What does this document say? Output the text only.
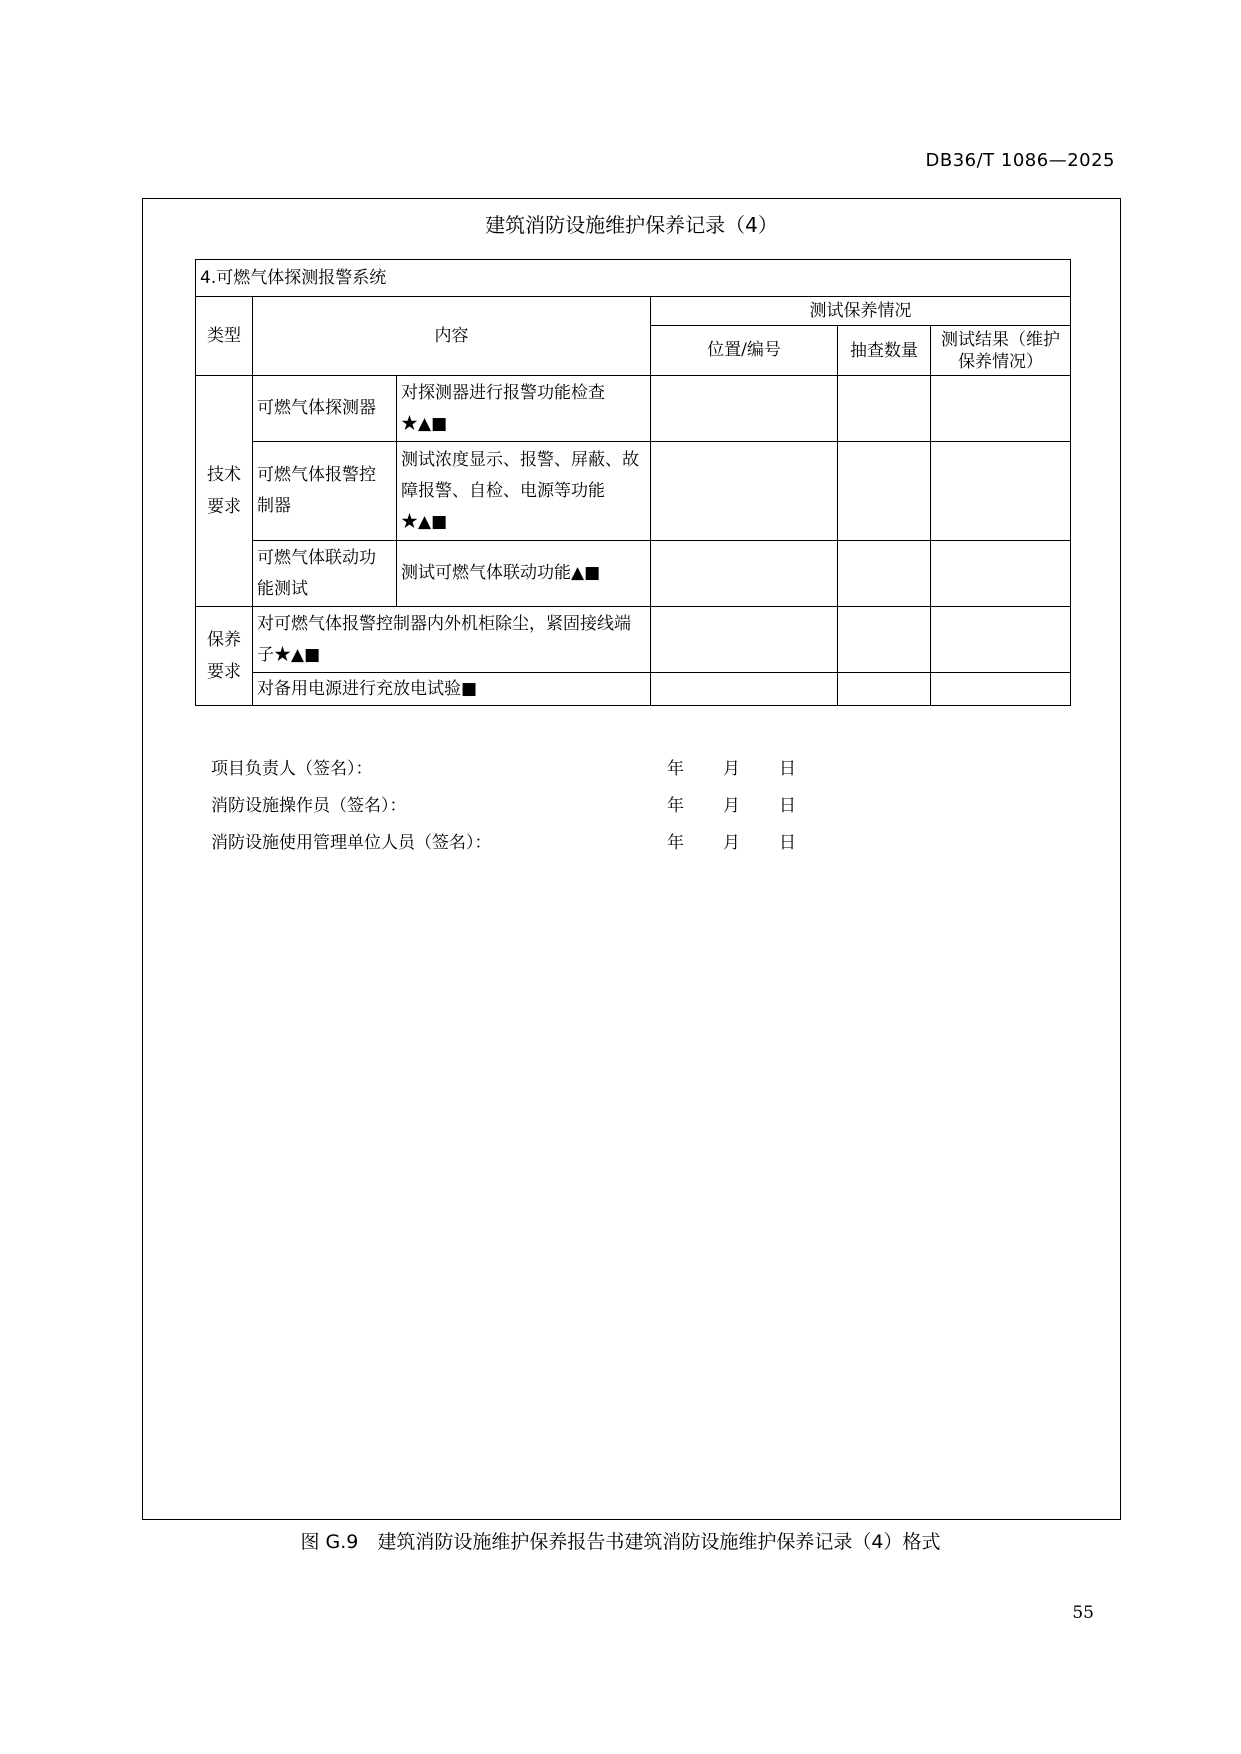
DB36/T 1086—2025
建筑消防设施维护保养记录（4）
4.可燃气体探测报警系统					
类型	内容		测试保养情况		
			位置/编号	抽查数量	测试结果（维护保养情况）
技术要求	可燃气体探测器	对探测器进行报警功能检查★▲■			
	可燃气体报警控制器	测试浓度显示、报警、屏蔽、故障报警、自检、电源等功能★▲■			
	可燃气体联动功能测试	测试可燃气体联动功能▲■			
保养要求	对可燃气体报警控制器内外机柜除尘，紧固接线端子★▲■				
	对备用电源进行充放电试验■				
项目负责人（签名）：	年 月 日
消防设施操作员（签名）：	年 月 日
消防设施使用管理单位人员（签名）：	年 月 日
图 G.9　建筑消防设施维护保养报告书建筑消防设施维护保养记录（4）格式
55
